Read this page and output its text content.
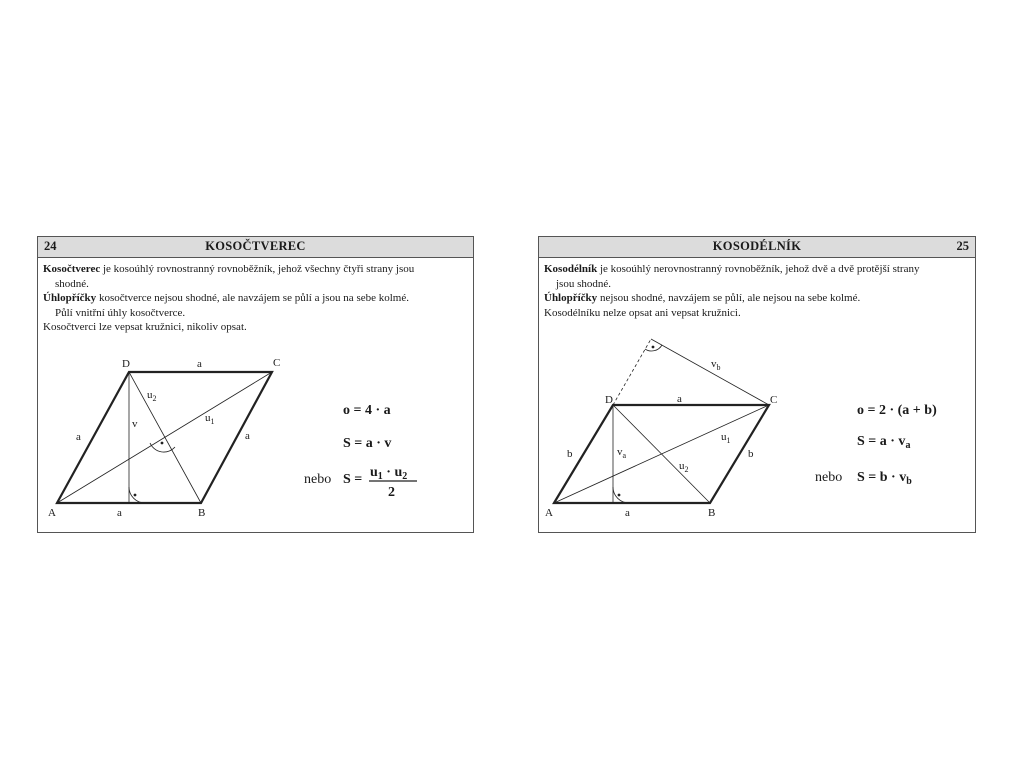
24	KOSOČTVEREC

Kosočtverec je kosoúhlý rovnostranný rovnoběžník, jehož všechny čtyři strany jsou

shodné.

Úhlopříčky kosočtverce nejsou shodné, ale navzájem se půlí a jsou na sebe kolmé.

Půlí vnitřní úhly kosočtverce.

Kosočtverci lze vepsat kružnici, nikoliv opsat.

A	B
C
D	a
a
a	a
v
$u_2$
$u_1$
o = 4 · a
S = a · v
nebo $S = u_1 \cdot u_2$
2
KOSODÉLNÍK	25

Kosodélník je kosoúhlý nerovnostranný rovnoběžník, jehož dvě a dvě protější strany

jsou shodné.

Úhlopříčky nejsou shodné, navzájem se půlí, ale nejsou na sebe kolmé.

Kosodélníku nelze opsat ani vepsat kružnici.

A	B
C
D	a
a
b	b
$v_a$
$v_b$
$u_1$
$u_2$
o = 2 · (a + b)
$S = a \cdot v_a$
nebo $S = b \cdot v_b$
